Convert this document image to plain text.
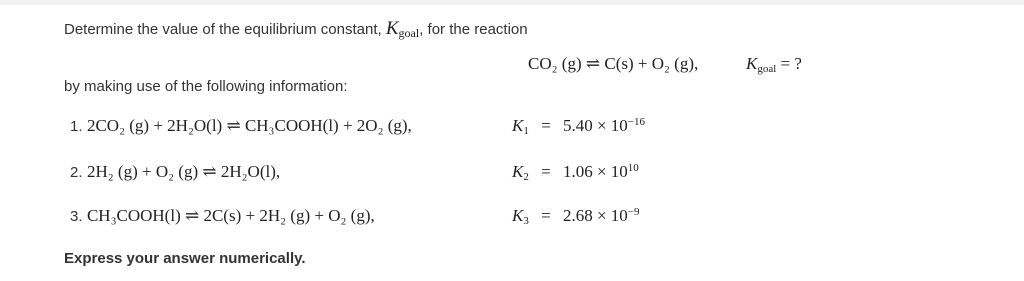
Determine the value of the equilibrium constant, $K_{goal}$, for the reaction
CO₂ (g) ⇌ C(s) + O₂ (g),	$K_{goal}$ = ?
by making use of the following information:
1. 2CO₂ (g) + 2H₂O(l) ⇌ CH₃COOH(l) + 2O₂ (g),	$K_1 = 5.40 \times 10^{-16}$
2. 2H₂ (g) + O₂ (g) ⇌ 2H₂O(l),	$K_2 = 1.06 \times 10^{10}$
3. CH₃COOH(l) ⇌ 2C(s) + 2H₂ (g) + O₂ (g),	$K_3 = 2.68 \times 10^{-9}$
Express your answer numerically.
